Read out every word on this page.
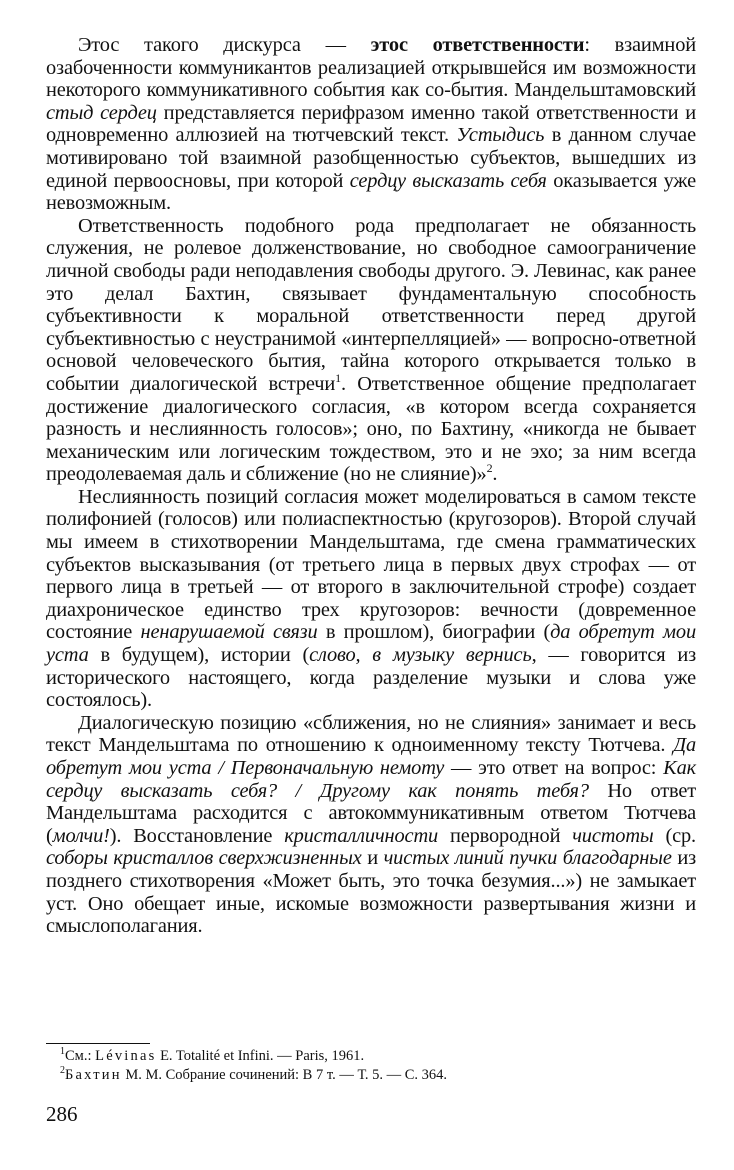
Этос такого дискурса — этос ответственности: взаимной озабоченности коммуникантов реализацией открывшейся им возможности некоторого коммуникативного события как со-бытия. Мандельштамовский стыд сердец представляется перифразом именно такой ответственности и одновременно аллюзией на тютчевский текст. Устыдись в данном случае мотивировано той взаимной разобщенностью субъектов, вышедших из единой первоосновы, при которой сердцу высказать себя оказывается уже невозможным.

Ответственность подобного рода предполагает не обязанность служения, не ролевое долженствование, но свободное самоограничение личной свободы ради неподавления свободы другого. Э. Левинас, как ранее это делал Бахтин, связывает фундаментальную способность субъективности к моральной ответственности перед другой субъективностью с неустранимой «интерпелляцией» — вопросно-ответной основой человеческого бытия, тайна которого открывается только в событии диалогической встречи$^1$. Ответственное общение предполагает достижение диалогического согласия, «в котором всегда сохраняется разность и неслиянность голосов»; оно, по Бахтину, «никогда не бывает механическим или логическим тождеством, это и не эхо; за ним всегда преодолеваемая даль и сближение (но не слияние)»$^2$.

Неслиянность позиций согласия может моделироваться в самом тексте полифонией (голосов) или полиаспектностью (кругозоров). Второй случай мы имеем в стихотворении Мандельштама, где смена грамматических субъектов высказывания (от третьего лица в первых двух строфах — от первого лица в третьей — от второго в заключительной строфе) создает диахроническое единство трех кругозоров: вечности (довременное состояние ненарушаемой связи в прошлом), биографии (да обретут мои уста в будущем), истории (слово, в музыку вернись, — говорится из исторического настоящего, когда разделение музыки и слова уже состоялось).

Диалогическую позицию «сближения, но не слияния» занимает и весь текст Мандельштама по отношению к одноименному тексту Тютчева. Да обретут мои уста / Первоначальную немоту — это ответ на вопрос: Как сердцу высказать себя? / Другому как понять тебя? Но ответ Мандельштама расходится с автокоммуникативным ответом Тютчева (молчи!). Восстановление кристалличности первородной чистоты (ср. соборы кристаллов сверхжизненных и чистых линий пучки благодарные из позднего стихотворения «Может быть, это точка безумия...») не замыкает уст. Оно обещает иные, искомые возможности развертывания жизни и смыслополагания.

$^1$См.: Lévinas E. Totalité et Infini. — Paris, 1961.
$^2$Бахтин М. М. Собрание сочинений: В 7 т. — Т. 5. — С. 364.
286
